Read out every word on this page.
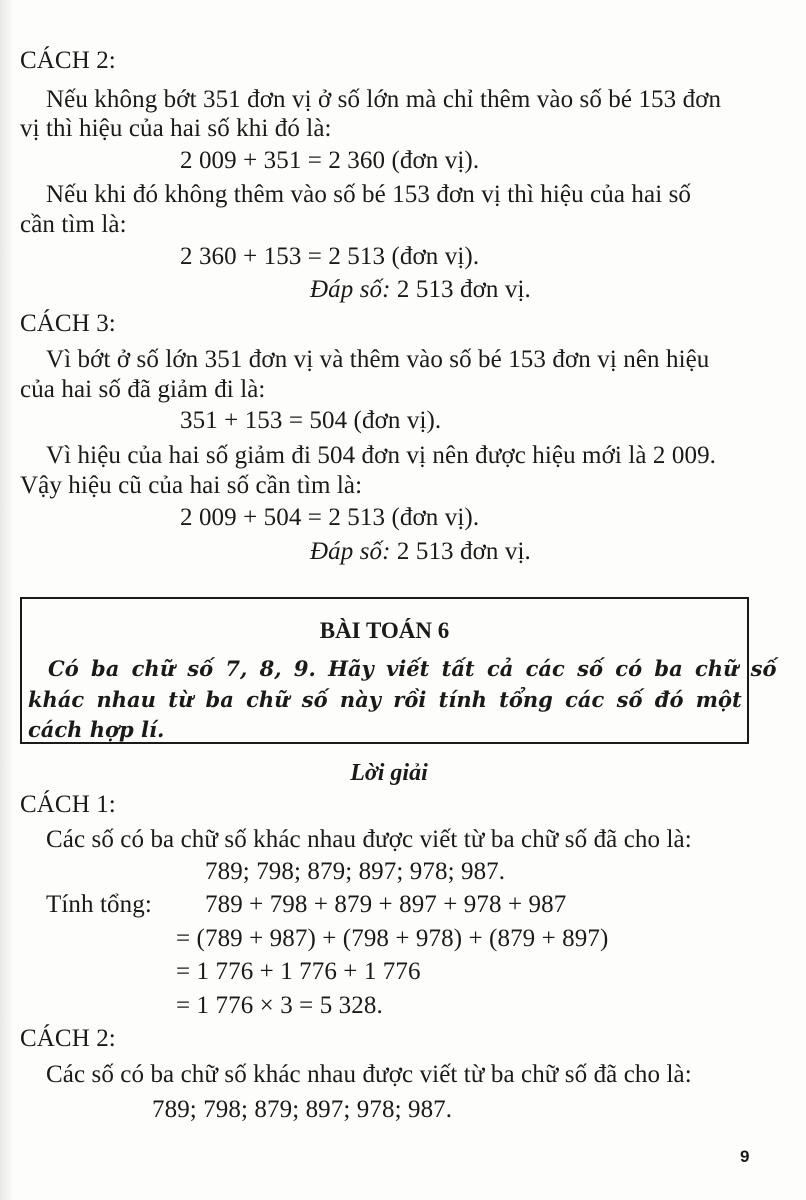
CÁCH 2:
Nếu không bớt 351 đơn vị ở số lớn mà chỉ thêm vào số bé 153 đơn
vị thì hiệu của hai số khi đó là:
2 009 + 351 = 2 360 (đơn vị).
Nếu khi đó không thêm vào số bé 153 đơn vị thì hiệu của hai số
cần tìm là:
2 360 + 153 = 2 513 (đơn vị).
Đáp số: 2 513 đơn vị.
CÁCH 3:
Vì bớt ở số lớn 351 đơn vị và thêm vào số bé 153 đơn vị nên hiệu
của hai số đã giảm đi là:
351 + 153 = 504 (đơn vị).
Vì hiệu của hai số giảm đi 504 đơn vị nên được hiệu mới là 2 009.
Vậy hiệu cũ của hai số cần tìm là:
2 009 + 504 = 2 513 (đơn vị).
Đáp số: 2 513 đơn vị.
BÀI TOÁN 6
Có ba chữ số 7, 8, 9. Hãy viết tất cả các số có ba chữ số
khác nhau từ ba chữ số này rồi tính tổng các số đó một
cách hợp lí.
Lời giải
CÁCH 1:
Các số có ba chữ số khác nhau được viết từ ba chữ số đã cho là:
789; 798; 879; 897; 978; 987.
Tính tổng: 789 + 798 + 879 + 897 + 978 + 987
= (789 + 987) + (798 + 978) + (879 + 897)
= 1 776 + 1 776 + 1 776
= 1 776 × 3 = 5 328.
CÁCH 2:
Các số có ba chữ số khác nhau được viết từ ba chữ số đã cho là:
789; 798; 879; 897; 978; 987.
9
